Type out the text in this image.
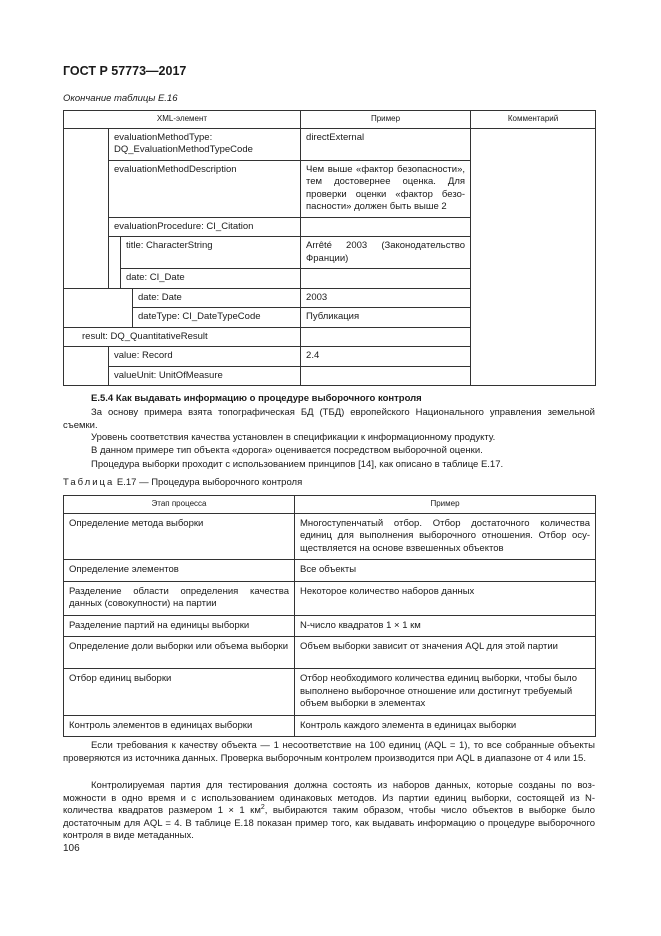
ГОСТ Р 57773—2017
Окончание таблицы E.16
XML-элемент				Пример	Комментарий
	evaluationMethodType: DQ_EvaluationMethodTypeCode			directExternal	
	evaluationMethodDescription			Чем выше «фактор безопасности», тем достовернее оценка. Для проверки оценки «фактор безопасности» должен быть выше 2	
	evaluationProcedure: CI_Citation				
		title: CharacterString		Arrêté 2003 (Законодательство Франции)	
		date: CI_Date			
			date: Date	2003	
			dateType: CI_DateTypeCode	Публикация	
result: DQ_QuantitativeResult					
	value: Record			2.4	
	valueUnit: UnitOfMeasure				
E.5.4 Как выдавать информацию о процедуре выборочного контроля
За основу примера взята топографическая БД (ТБД) европейского Национального управления земельной съемки.
Уровень соответствия качества установлен в спецификации к информационному продукту.
В данном примере тип объекта «дорога» оценивается посредством выборочной оценки.
Процедура выборки проходит с использованием принципов [14], как описано в таблице E.17.
Таблица E.17 — Процедура выборочного контроля
Этап процесса	Пример
Определение метода выборки	Многоступенчатый отбор. Отбор достаточного количества единиц для выполнения выборочного отношения. Отбор осуществляется на основе взвешенных объектов
Определение элементов	Все объекты
Разделение области определения качества данных (совокупности) на партии	Некоторое количество наборов данных
Разделение партий на единицы выборки	N-число квадратов 1 × 1 км
Определение доли выборки или объема выборки	Объем выборки зависит от значения AQL для этой партии
Отбор единиц выборки	Отбор необходимого количества единиц выборки, чтобы было выполнено выборочное отношение или достигнут требуемый объем выборки в элементах
Контроль элементов в единицах выборки	Контроль каждого элемента в единицах выборки
Если требования к качеству объекта — 1 несоответствие на 100 единиц (AQL = 1), то все собранные объекты проверяются из источника данных. Проверка выборочным контролем производится при AQL в диапазоне от 4 или 15.
Контролируемая партия для тестирования должна состоять из наборов данных, которые созданы по возможности в одно время и с использованием одинаковых методов. Из партии единиц выборки, состоящей из N-количества квадратов размером 1 × 1 $км^2$, выбираются таким образом, чтобы число объектов в выборке было достаточным для AQL = 4. В таблице E.18 показан пример того, как выдавать информацию о процедуре выборочного контроля в виде метаданных.
106
